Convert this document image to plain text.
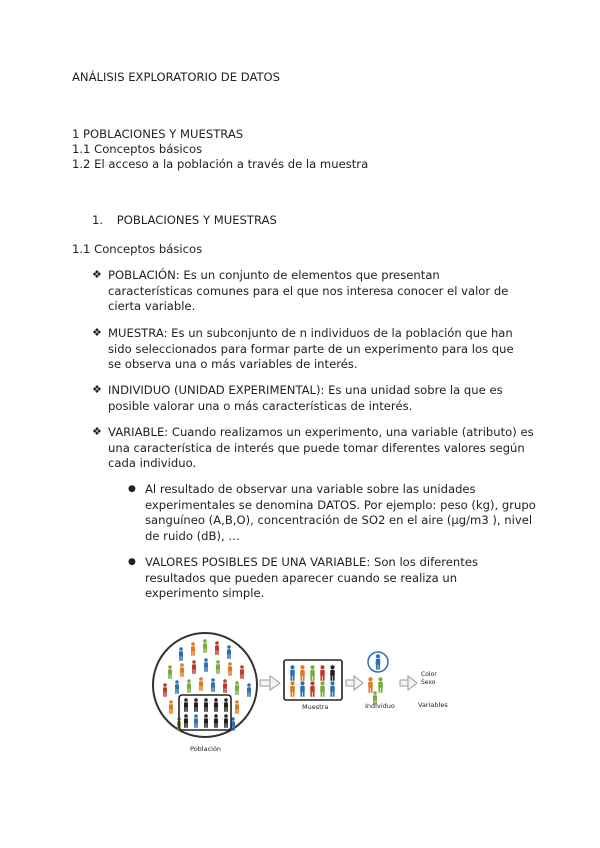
ANÁLISIS EXPLORATORIO DE DATOS
1 POBLACIONES Y MUESTRAS
1.1 Conceptos básicos
1.2 El acceso a la población a través de la muestra
1. POBLACIONES Y MUESTRAS
1.1 Conceptos básicos
❖ POBLACIÓN: Es un conjunto de elementos que presentan
características comunes para el que nos interesa conocer el valor de
cierta variable.
❖ MUESTRA: Es un subconjunto de n individuos de la población que han
sido seleccionados para formar parte de un experimento para los que
se observa una o más variables de interés.
❖ INDIVIDUO (UNIDAD EXPERIMENTAL): Es una unidad sobre la que es
posible valorar una o más características de interés.
❖ VARIABLE: Cuando realizamos un experimento, una variable (atributo) es
una característica de interés que puede tomar diferentes valores según
cada individuo.
● Al resultado de observar una variable sobre las unidades
experimentales se denomina DATOS. Por ejemplo: peso (kg), grupo
sanguíneo (A,B,O), concentración de SO2 en el aire (μg/m3 ), nivel
de ruido (dB), …
● VALORES POSIBLES DE UNA VARIABLE: Son los diferentes
resultados que pueden aparecer cuando se realiza un
experimento simple.
Población
Muestra	Individuo
Color
Sexo
Variables
